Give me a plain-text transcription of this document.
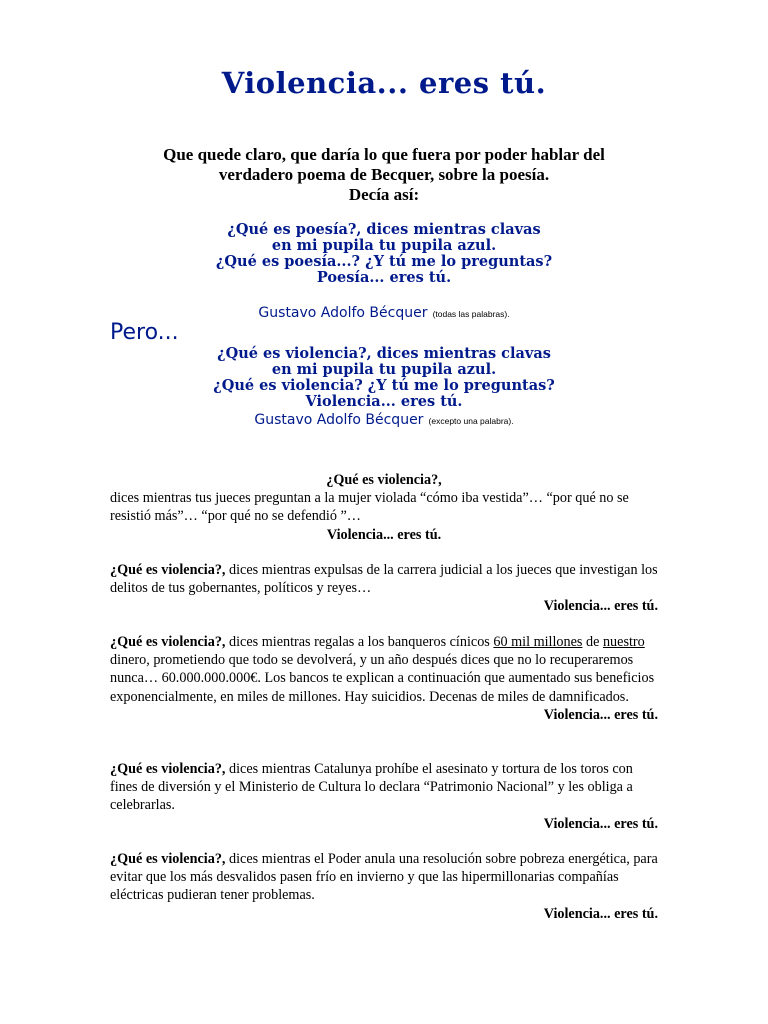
Violencia... eres tú.
Que quede claro, que daría lo que fuera por poder hablar del
verdadero poema de Becquer, sobre la poesía.
Decía así:
¿Qué es poesía?, dices mientras clavas
en mi pupila tu pupila azul.
¿Qué es poesía...? ¿Y tú me lo preguntas?
Poesía... eres tú.
Gustavo Adolfo Bécquer (todas las palabras).
Pero...
¿Qué es violencia?, dices mientras clavas
en mi pupila tu pupila azul.
¿Qué es violencia? ¿Y tú me lo preguntas?
Violencia... eres tú.
Gustavo Adolfo Bécquer (excepto una palabra).
¿Qué es violencia?,
dices mientras tus jueces preguntan a la mujer violada “cómo iba vestida”… “por qué no se resistió más”… “por qué no se defendió ”…
Violencia... eres tú.
¿Qué es violencia?, dices mientras expulsas de la carrera judicial a los jueces que investigan los delitos de tus gobernantes, políticos y reyes…
Violencia... eres tú.
¿Qué es violencia?, dices mientras regalas a los banqueros cínicos 60 mil millones de nuestro dinero, prometiendo que todo se devolverá, y un año después dices que no lo recuperaremos nunca… 60.000.000.000€. Los bancos te explican a continuación que aumentado sus beneficios exponencialmente, en miles de millones. Hay suicidios. Decenas de miles de damnificados.
Violencia... eres tú.
¿Qué es violencia?, dices mientras Catalunya prohíbe el asesinato y tortura de los toros con fines de diversión y el Ministerio de Cultura lo declara “Patrimonio Nacional” y les obliga a celebrarlas.
Violencia... eres tú.
¿Qué es violencia?, dices mientras el Poder anula una resolución sobre pobreza energética, para evitar que los más desvalidos pasen frío en invierno y que las hipermillonarias compañías eléctricas pudieran tener problemas.
Violencia... eres tú.
